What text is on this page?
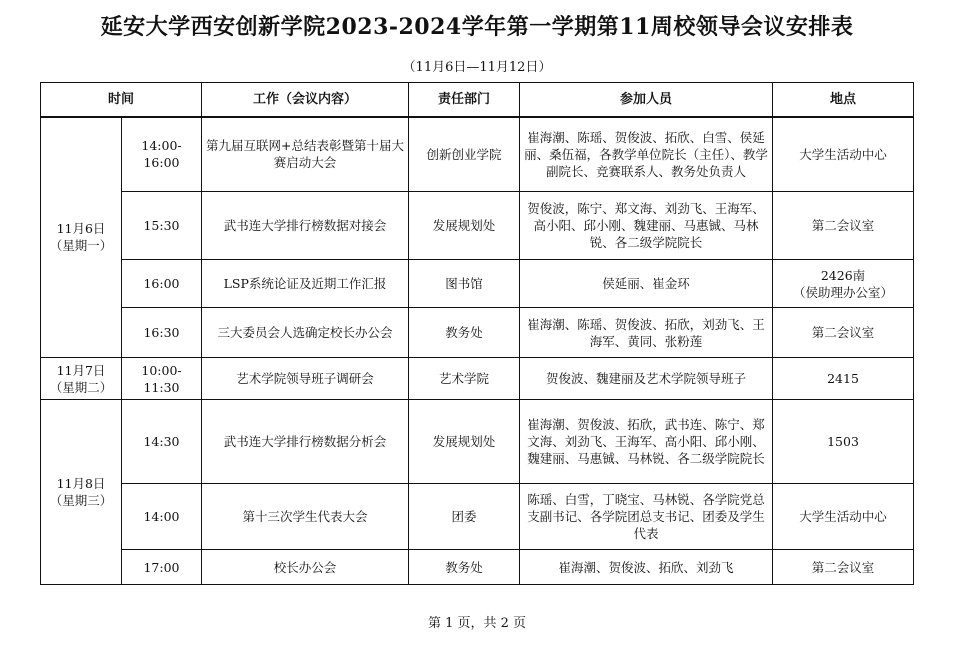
延安大学西安创新学院2023-2024学年第一学期第11周校领导会议安排表
（11月6日—11月12日）
时间		工作（会议内容）	责任部门	参加人员	地点

11月6日
（星期一）	14:00-16:00	第九届互联网+总结表彰暨第十届大赛启动大会	创新创业学院	崔海潮、陈瑶、贺俊波、拓欣、白雪、侯延丽、桑伍福，各教学单位院长（主任）、教学副院长、竞赛联系人、教务处负责人	大学生活动中心
	15:30	武书连大学排行榜数据对接会	发展规划处	贺俊波，陈宁、郑文海、刘劲飞、王海军、高小阳、邱小刚、魏建丽、马惠铖、马林锐、各二级学院院长	第二会议室
	16:00	LSP系统论证及近期工作汇报	图书馆	侯延丽、崔金环	2426南
（侯助理办公室）

	16:30	三大委员会人选确定校长办公会	教务处	崔海潮、陈瑶、贺俊波、拓欣，刘劲飞、王海军、黄同、张粉莲	第二会议室

11月7日
（星期二）	10:00-11:30	艺术学院领导班子调研会	艺术学院	贺俊波、魏建丽及艺术学院领导班子	2415

11月8日
（星期三）	14:30	武书连大学排行榜数据分析会	发展规划处	崔海潮、贺俊波、拓欣，武书连、陈宁、郑文海、刘劲飞、王海军、高小阳、邱小刚、魏建丽、马惠铖、马林锐、各二级学院院长	1503
	14:00	第十三次学生代表大会	团委	陈瑶、白雪，丁晓宝、马林锐、各学院党总支副书记、各学院团总支书记、团委及学生代表	大学生活动中心
	17:00	校长办公会	教务处	崔海潮、贺俊波、拓欣、刘劲飞	第二会议室
第 1 页，共 2 页
